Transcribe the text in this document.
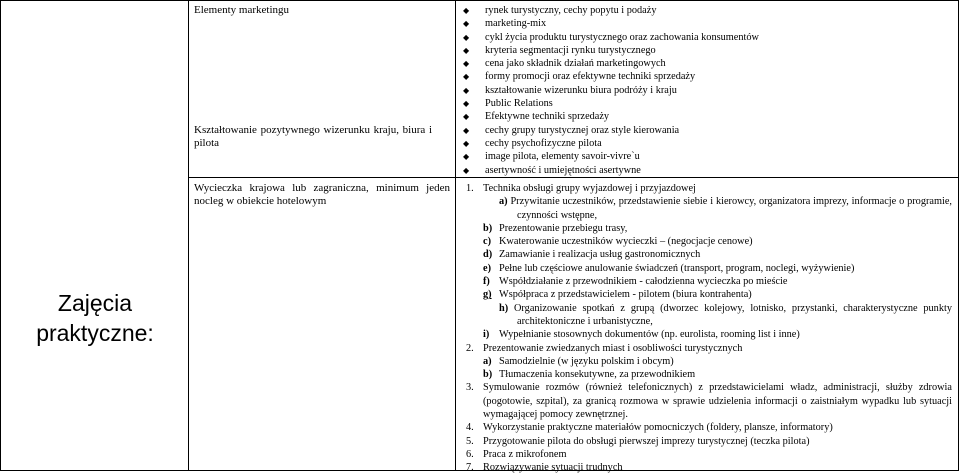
Zajęcia praktyczne:
Elementy marketingu
Kształtowanie pozytywnego wizerunku kraju, biura i pilota
◆ rynek turystyczny, cechy popytu i podaży
◆ marketing-mix
◆ cykl życia produktu turystycznego oraz zachowania konsumentów
◆ kryteria segmentacji rynku turystycznego
◆ cena jako składnik działań marketingowych
◆ formy promocji oraz efektywne techniki sprzedaży
◆ kształtowanie wizerunku biura podróży i kraju
◆ Public Relations
◆ Efektywne techniki sprzedaży
◆ cechy grupy turystycznej oraz style kierowania
◆ cechy psychofizyczne pilota
◆ image pilota, elementy savoir-vivre`u
◆ asertywność i umiejętności asertywne
Wycieczka krajowa lub zagraniczna, minimum jeden nocleg w obiekcie hotelowym
1. Technika obsługi grupy wyjazdowej i przyjazdowej
a) Przywitanie uczestników, przedstawienie siebie i kierowcy, organizatora imprezy, informacje o programie, czynności wstępne,
b) Prezentowanie przebiegu trasy,
c) Kwaterowanie uczestników wycieczki – (negocjacje cenowe)
d) Zamawianie i realizacja usług gastronomicznych
e) Pełne lub częściowe anulowanie świadczeń (transport, program, noclegi, wyżywienie)
f) Współdziałanie z przewodnikiem - całodzienna wycieczka po mieście
g) Współpraca z przedstawicielem - pilotem (biura kontrahenta)
h) Organizowanie spotkań z grupą (dworzec kolejowy, lotnisko, przystanki, charakterystyczne punkty architektoniczne i urbanistyczne,
i) Wypełnianie stosownych dokumentów (np. eurolista, rooming list i inne)
2. Prezentowanie zwiedzanych miast i osobliwości turystycznych
a) Samodzielnie (w języku polskim i obcym)
b) Tłumaczenia konsekutywne, za przewodnikiem
3. Symulowanie rozmów (również telefonicznych) z przedstawicielami władz, administracji, służby zdrowia (pogotowie, szpital), za granicą rozmowa w sprawie udzielenia informacji o zaistniałym wypadku lub sytuacji wymagającej pomocy zewnętrznej.
4. Wykorzystanie praktyczne materiałów pomocniczych (foldery, plansze, informatory)
5. Przygotowanie pilota do obsługi pierwszej imprezy turystycznej (teczka pilota)
6. Praca z mikrofonem
7. Rozwiązywanie sytuacji trudnych
